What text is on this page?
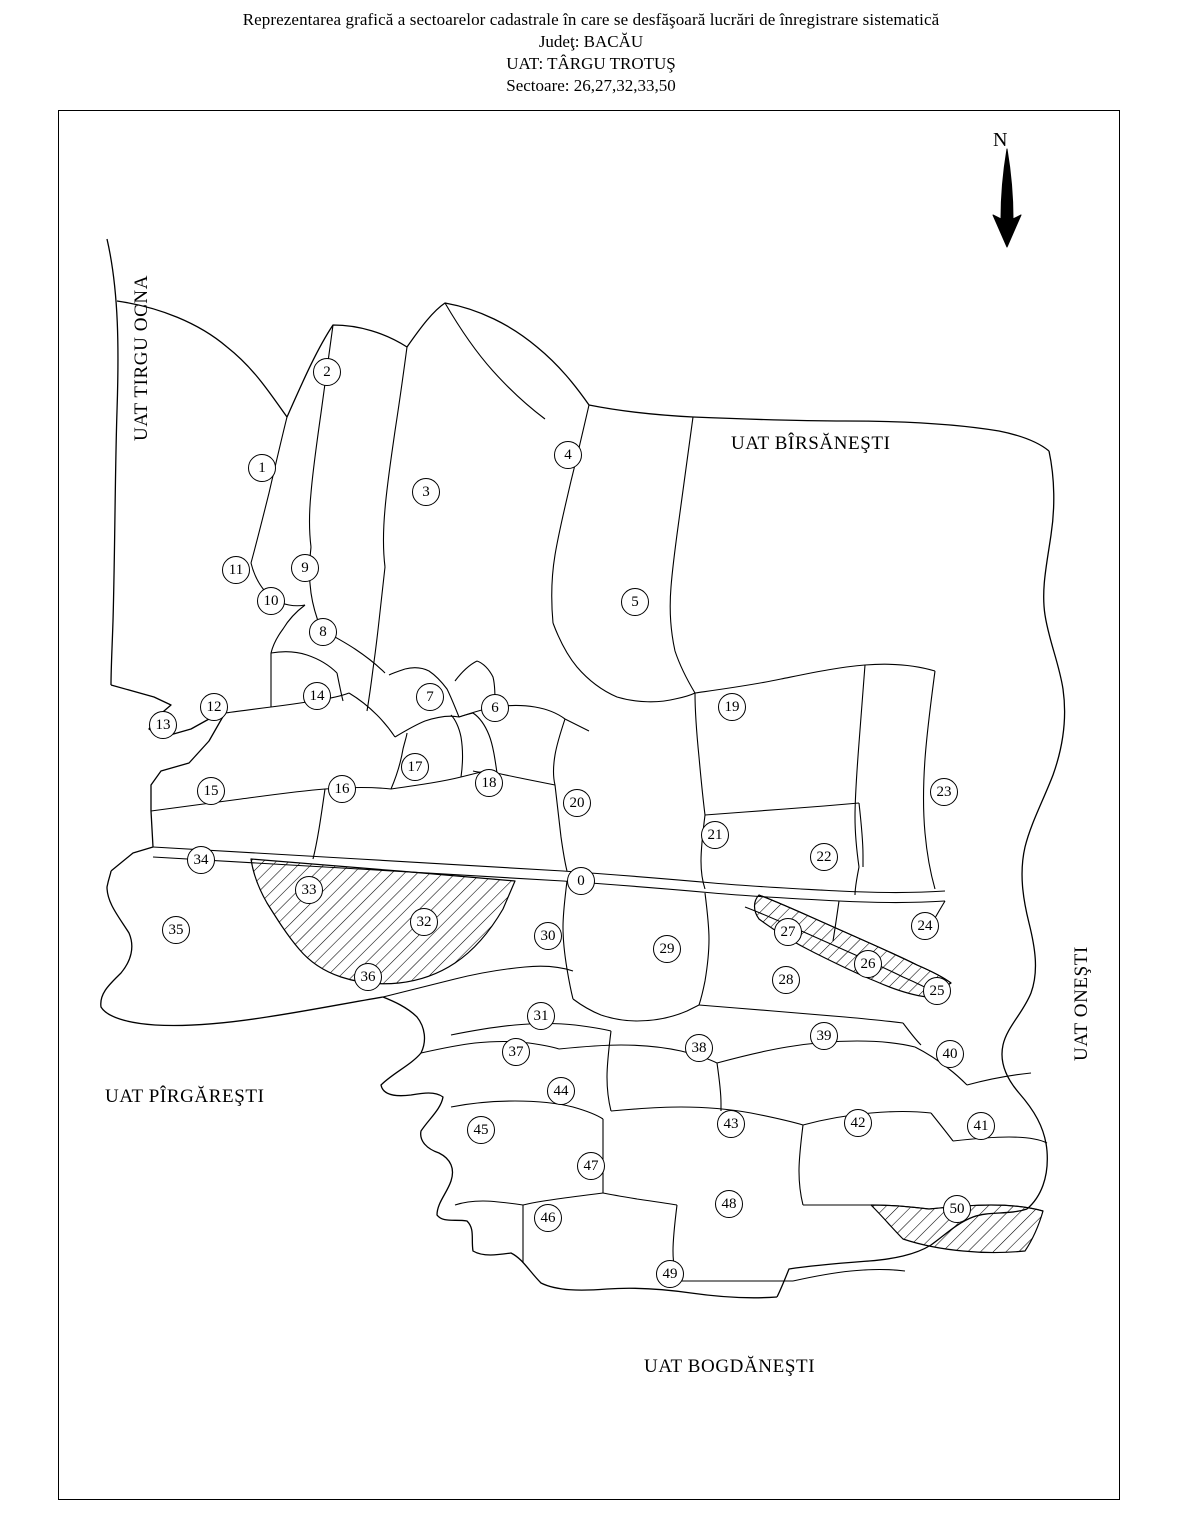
Reprezentarea grafică a sectoarelor cadastrale în care se desfăşoară lucrări de înregistrare sistematică
Judeţ: BACĂU
UAT: TÂRGU TROTUŞ
Sectoare: 26,27,32,33,50
N
UAT TIRGU OCNA
UAT BÎRSĂNEŞTI
UAT ONEŞTI
UAT PÎRGĂREŞTI
UAT BOGDĂNEŞTI
0
1
2
3
4
5
6
7
8
9
10
11
12
13
14
15	16
17
18
19
20
21
22
23
24
25
26
27
28
29
30
31
32
33
34
35
36
37	38
39
40
41
42
43
44
45
46
47
48
49
50
